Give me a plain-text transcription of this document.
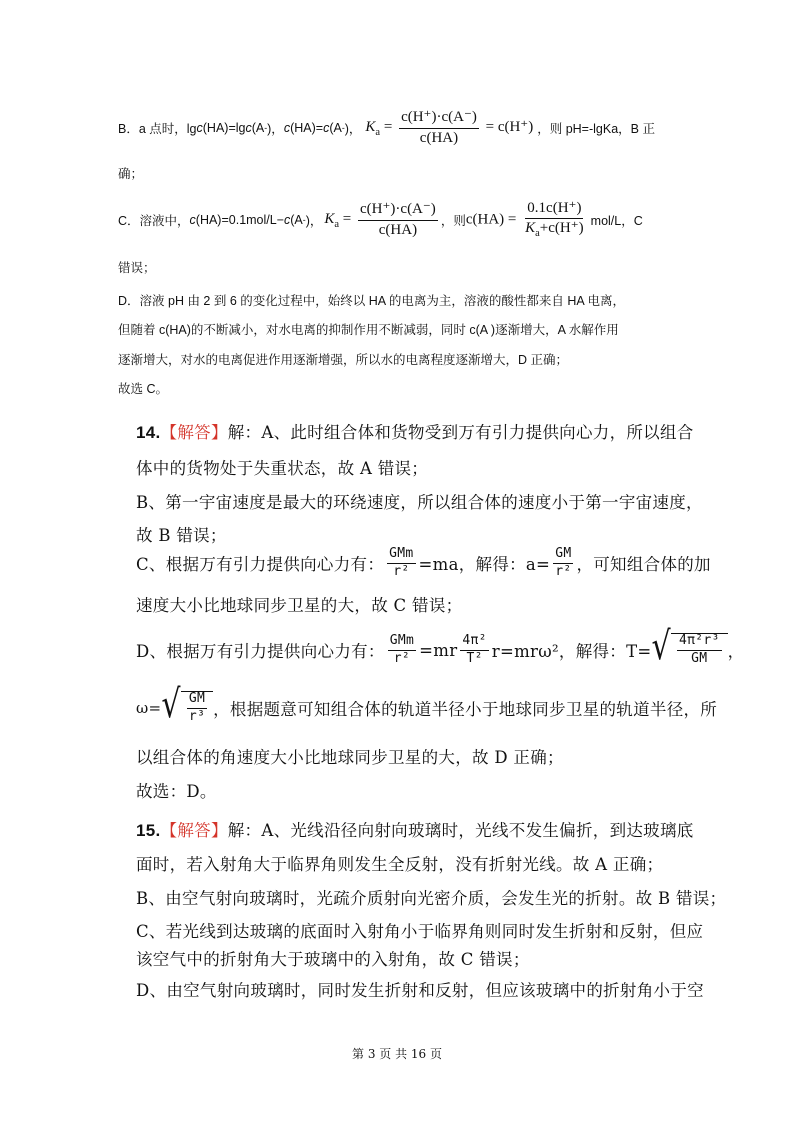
B．a 点时，lg c (HA)=lg c (A - )， c (HA)= c (A - )， $K_a = \frac{c(H^+)\cdot c(A^-)}{c(HA)} = c(H^+)$ ，则 pH=-lgKa，B 正
确；
C．溶液中， c (HA)=0.1mol/L− c (A - )， $K_a = \frac{c(H^+)\cdot c(A^-)}{c(HA)}$ ，则 $c(HA) = \frac{0.1c(H^+)}{K_a+c(H^+)} mol/L$，C
错误；
D．溶液 pH 由 2 到 6 的变化过程中，始终以 HA 的电离为主，溶液的酸性都来自 HA 电离，
但随着 c(HA)的不断减小，对水电离的抑制作用不断减弱，同时 c(A )逐渐增大，A 水解作用
逐渐增大，对水的电离促进作用逐渐增强，所以水的电离程度逐渐增大，D 正确；
故选 C。
14.【解答】解：A、此时组合体和货物受到万有引力提供向心力，所以组合
体中的货物处于失重状态，故 A 错误；
B、第一宇宙速度是最大的环绕速度，所以组合体的速度小于第一宇宙速度，
故 B 错误；
C、根据万有引力提供向心力有： $\frac{\text{GMm}}{\text{r²}} =ma$，解得：$a= \frac{GM}{\text{r²}}$ ，可知组合体的加
速度大小比地球同步卫星的大，故 C 错误；
D、根据万有引力提供向心力有： $\frac{\text{GMm}}{\text{r²}} =mr \frac{\text{4π²}}{\text{T²}} r=mr\omega^2$，解得：T= √ $\frac{\text{4π²r³}}{GM}$ ，
ω= √ $\frac{GM}{\text{r³}}$ ，根据题意可知组合体的轨道半径小于地球同步卫星的轨道半径，所
以组合体的角速度大小比地球同步卫星的大，故 D 正确；
故选：D。
15.【解答】解：A、光线沿径向射向玻璃时，光线不发生偏折，到达玻璃底
面时，若入射角大于临界角则发生全反射，没有折射光线。故 A 正确；
B、由空气射向玻璃时，光疏介质射向光密介质，会发生光的折射。故 B 错误；
C、若光线到达玻璃的底面时入射角小于临界角则同时发生折射和反射，但应
该空气中的折射角大于玻璃中的入射角，故 C 错误；
D、由空气射向玻璃时，同时发生折射和反射，但应该玻璃中的折射角小于空
第 3 页 共 16 页
